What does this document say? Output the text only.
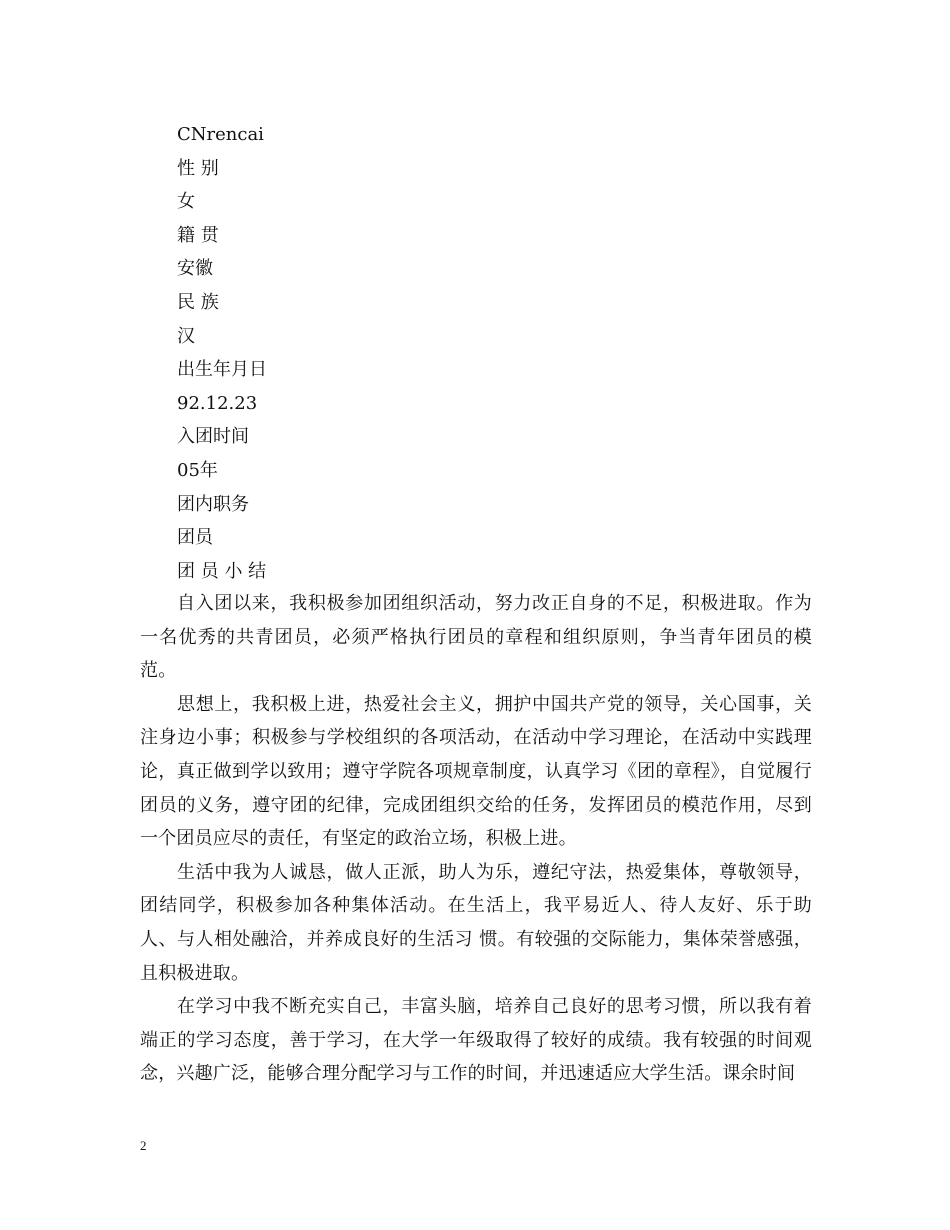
CNrencai
性 别
女
籍 贯
安徽
民 族
汉
出生年月日
92.12.23
入团时间
05年
团内职务
团员
团 员 小 结

自入团以来，我积极参加团组织活动，努力改正自身的不足，积极进取。作为一名优秀的共青团员，必须严格执行团员的章程和组织原则，争当青年团员的模范。

思想上，我积极上进，热爱社会主义，拥护中国共产党的领导，关心国事，关注身边小事；积极参与学校组织的各项活动，在活动中学习理论，在活动中实践理论，真正做到学以致用；遵守学院各项规章制度，认真学习《团的章程》，自觉履行团员的义务，遵守团的纪律，完成团组织交给的任务，发挥团员的模范作用，尽到一个团员应尽的责任，有坚定的政治立场，积极上进。

生活中我为人诚恳，做人正派，助人为乐，遵纪守法，热爱集体，尊敬领导，团结同学，积极参加各种集体活动。在生活上，我平易近人、待人友好、乐于助人、与人相处融洽，并养成良好的生活习 惯。有较强的交际能力，集体荣誉感强，且积极进取。

在学习中我不断充实自己，丰富头脑，培养自己良好的思考习惯，所以我有着端正的学习态度，善于学习，在大学一年级取得了较好的成绩。我有较强的时间观念，兴趣广泛，能够合理分配学习与工作的时间，并迅速适应大学生活。课余时间

2
